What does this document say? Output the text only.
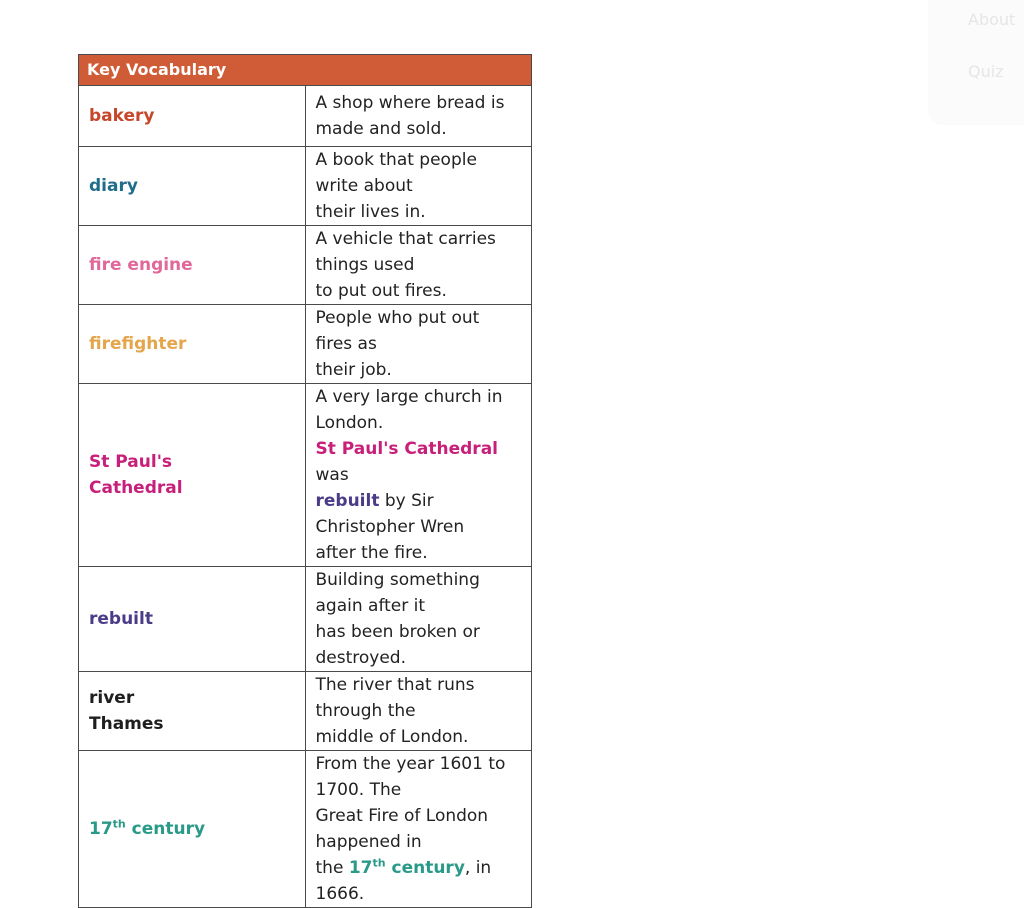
About
Quiz
Key Vocabulary	
bakery	A shop where bread is
made and sold.
diary	A book that people write about
their lives in.
fire engine	A vehicle that carries things used
to put out fires.
firefighter	People who put out fires as
their job.
St Paul's
Cathedral	A very large church in London.
St Paul's Cathedral was
rebuilt by Sir Christopher Wren
after the fire.
rebuilt	Building something again after it
has been broken or destroyed.
river
Thames	The river that runs through the
middle of London.
17th century	From the year 1601 to 1700. The
Great Fire of London happened in
the 17th century, in 1666.
